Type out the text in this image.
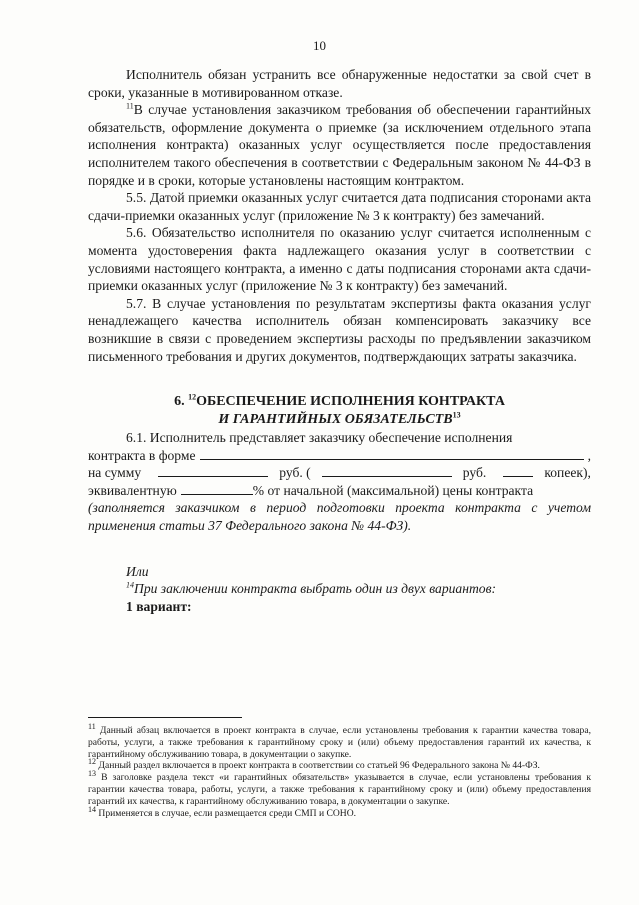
10

Исполнитель обязан устранить все обнаруженные недостатки за свой счет в сроки, указанные в мотивированном отказе.

$^{11}$В случае установления заказчиком требования об обеспечении гарантийных обязательств, оформление документа о приемке (за исключением отдельного этапа исполнения контракта) оказанных услуг осуществляется после предоставления исполнителем такого обеспечения в соответствии с Федеральным законом № 44-ФЗ в порядке и в сроки, которые установлены настоящим контрактом.

5.5. Датой приемки оказанных услуг считается дата подписания сторонами акта сдачи-приемки оказанных услуг (приложение № 3 к контракту) без замечаний.

5.6. Обязательство исполнителя по оказанию услуг считается исполненным с момента удостоверения факта надлежащего оказания услуг в соответствии с условиями настоящего контракта, а именно с даты подписания сторонами акта сдачи-приемки оказанных услуг (приложение № 3 к контракту) без замечаний.

5.7. В случае установления по результатам экспертизы факта оказания услуг ненадлежащего качества исполнитель обязан компенсировать заказчику все возникшие в связи с проведением экспертизы расходы по предъявлении заказчиком письменного требования и других документов, подтверждающих затраты заказчика.

6. $^{12}$ОБЕСПЕЧЕНИЕ ИСПОЛНЕНИЯ КОНТРАКТА

И ГАРАНТИЙНЫХ ОБЯЗАТЕЛЬСТВ$^{13}$

6.1. Исполнитель представляет заказчику обеспечение исполнения

контракта в форме	,
на сумму	руб. (	руб.	копеек),
эквивалентную	% от начальной (максимальной) цены контракта

(заполняется заказчиком в период подготовки проекта контракта с учетом применения статьи 37 Федерального закона № 44-ФЗ).

Или

$^{14}$При заключении контракта выбрать один из двух вариантов:

1 вариант:

$^{11}$ Данный абзац включается в проект контракта в случае, если установлены требования к гарантии качества товара, работы, услуги, а также требования к гарантийному сроку и (или) объему предоставления гарантий их качества, к гарантийному обслуживанию товара, в документации о закупке.

$^{12}$ Данный раздел включается в проект контракта в соответствии со статьей 96 Федерального закона № 44-ФЗ.

$^{13}$ В заголовке раздела текст «и гарантийных обязательств» указывается в случае, если установлены требования к гарантии качества товара, работы, услуги, а также требования к гарантийному сроку и (или) объему предоставления гарантий их качества, к гарантийному обслуживанию товара, в документации о закупке.

$^{14}$ Применяется в случае, если размещается среди СМП и СОНО.
